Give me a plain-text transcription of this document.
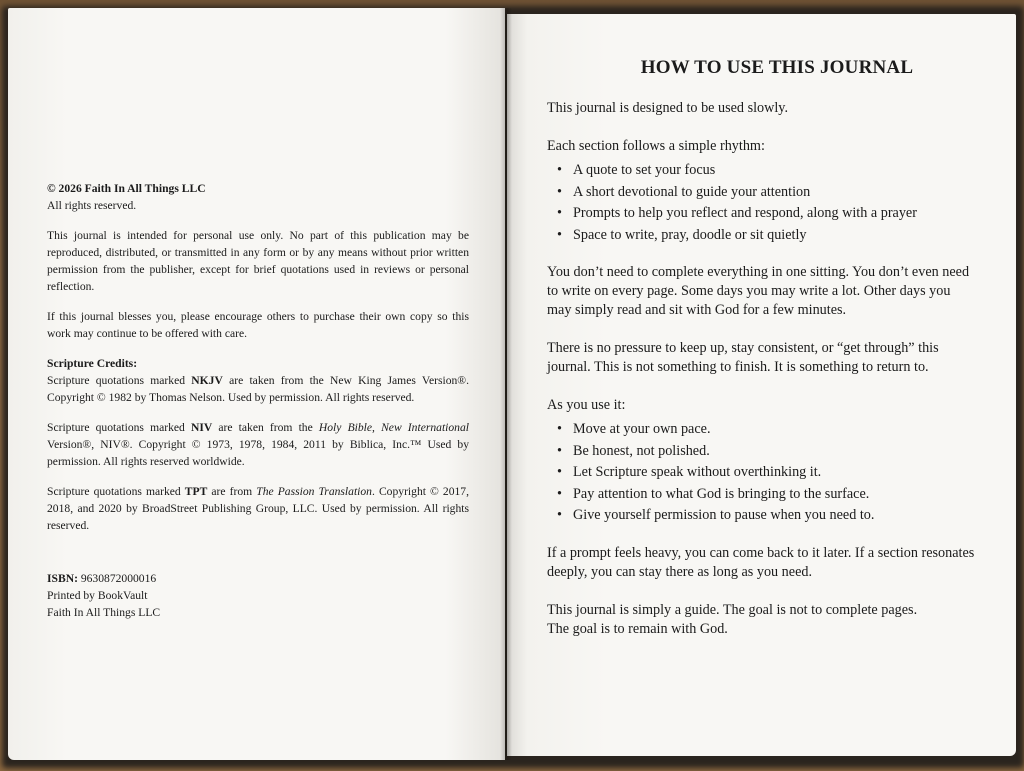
© 2026 Faith In All Things LLC
All rights reserved.

This journal is intended for personal use only. No part of this publication may be reproduced, distributed, or transmitted in any form or by any means without prior written permission from the publisher, except for brief quotations used in reviews or personal reflection.

If this journal blesses you, please encourage others to purchase their own copy so this work may continue to be offered with care.

Scripture Credits:
Scripture quotations marked NKJV are taken from the New King James Version®. Copyright © 1982 by Thomas Nelson. Used by permission. All rights reserved.

Scripture quotations marked NIV are taken from the Holy Bible, New International Version®, NIV®. Copyright © 1973, 1978, 1984, 2011 by Biblica, Inc.™ Used by permission. All rights reserved worldwide.

Scripture quotations marked TPT are from The Passion Translation. Copyright © 2017, 2018, and 2020 by BroadStreet Publishing Group, LLC. Used by permission. All rights reserved.

ISBN: 9630872000016
Printed by BookVault
Faith In All Things LLC

HOW TO USE THIS JOURNAL

This journal is designed to be used slowly.

Each section follows a simple rhythm:

• A quote to set your focus
• A short devotional to guide your attention
• Prompts to help you reflect and respond, along with a prayer
• Space to write, pray, doodle or sit quietly

You don’t need to complete everything in one sitting. You don’t even need to write on every page. Some days you may write a lot. Other days you may simply read and sit with God for a few minutes.

There is no pressure to keep up, stay consistent, or “get through” this journal. This is not something to finish. It is something to return to.

As you use it:

• Move at your own pace.
• Be honest, not polished.
• Let Scripture speak without overthinking it.
• Pay attention to what God is bringing to the surface.
• Give yourself permission to pause when you need to.

If a prompt feels heavy, you can come back to it later. If a section resonates deeply, you can stay there as long as you need.

This journal is simply a guide. The goal is not to complete pages.
The goal is to remain with God.
